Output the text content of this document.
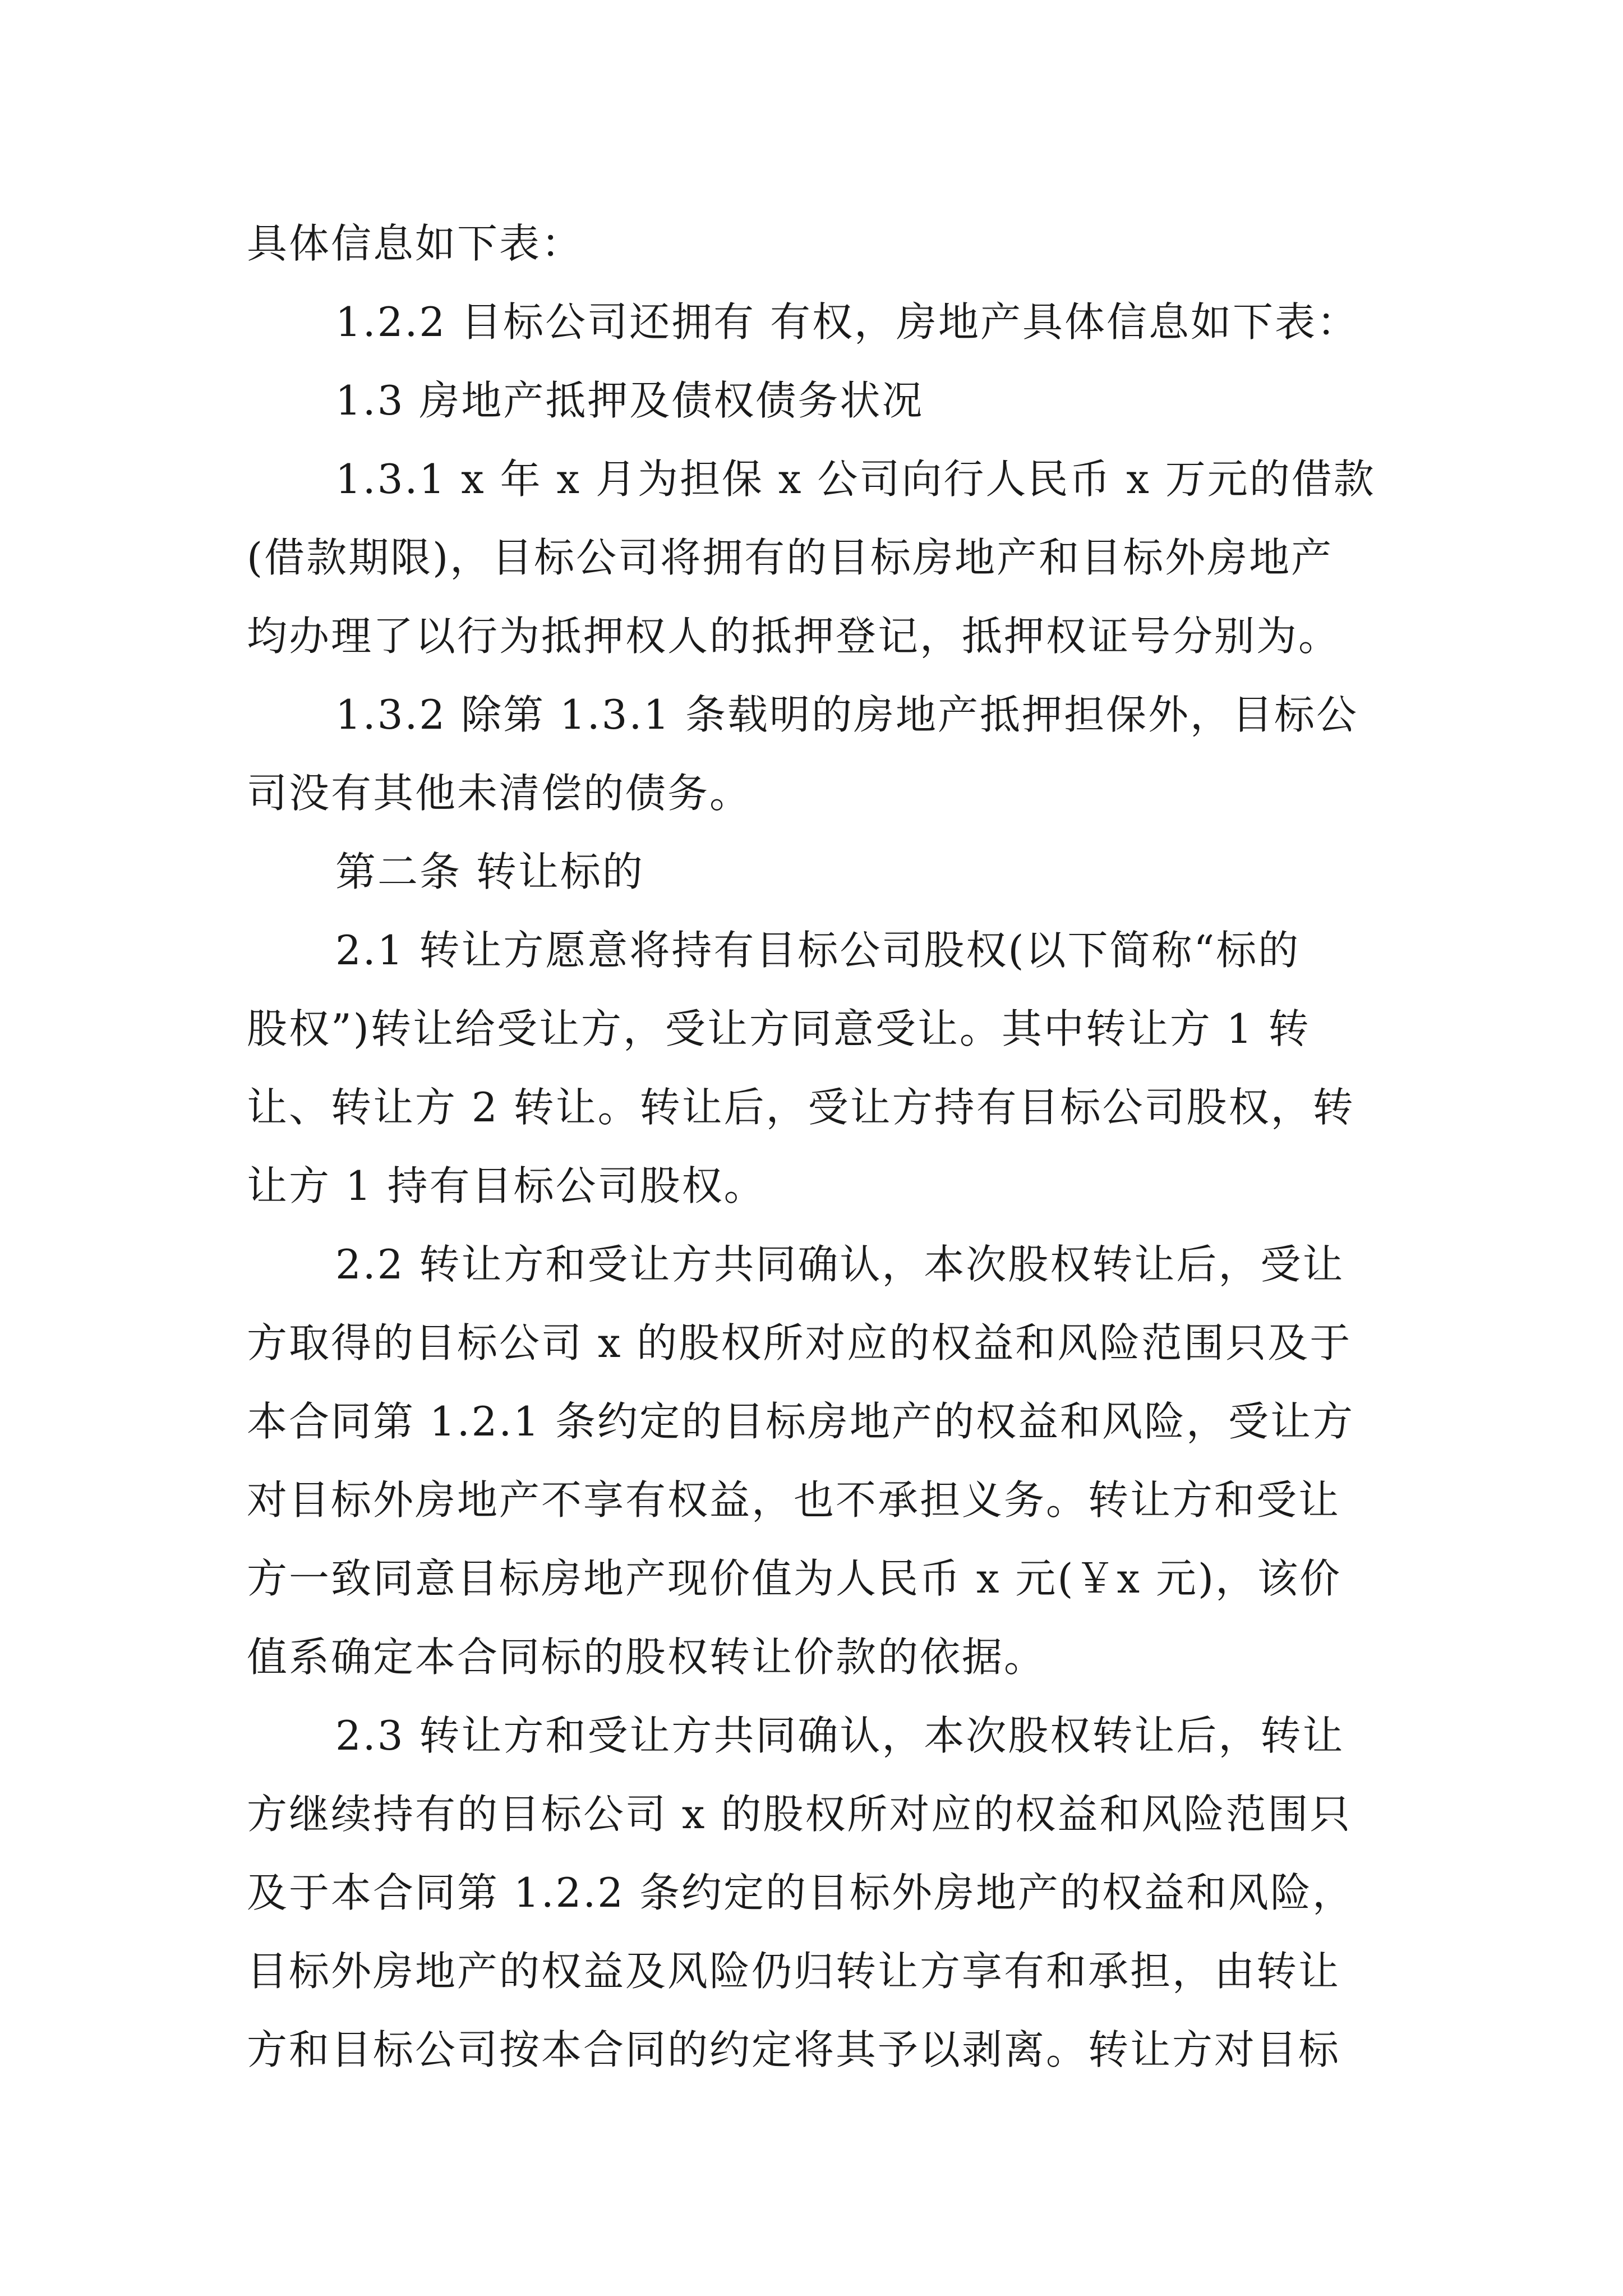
具体信息如下表：
1.2.2 目标公司还拥有 有权，房地产具体信息如下表：
1.3 房地产抵押及债权债务状况
1.3.1 x 年 x 月为担保 x 公司向行人民币 x 万元的借款
(借款期限)，目标公司将拥有的目标房地产和目标外房地产
均办理了以行为抵押权人的抵押登记，抵押权证号分别为。
1.3.2 除第 1.3.1 条载明的房地产抵押担保外，目标公
司没有其他未清偿的债务。
第二条 转让标的
2.1 转让方愿意将持有目标公司股权(以下简称“标的
股权”)转让给受让方，受让方同意受让。其中转让方 1 转
让、转让方 2 转让。转让后，受让方持有目标公司股权，转
让方 1 持有目标公司股权。
2.2 转让方和受让方共同确认，本次股权转让后，受让
方取得的目标公司 x 的股权所对应的权益和风险范围只及于
本合同第 1.2.1 条约定的目标房地产的权益和风险，受让方
对目标外房地产不享有权益，也不承担义务。转让方和受让
方一致同意目标房地产现价值为人民币 x 元(￥x 元)，该价
值系确定本合同标的股权转让价款的依据。
2.3 转让方和受让方共同确认，本次股权转让后，转让
方继续持有的目标公司 x 的股权所对应的权益和风险范围只
及于本合同第 1.2.2 条约定的目标外房地产的权益和风险，
目标外房地产的权益及风险仍归转让方享有和承担，由转让
方和目标公司按本合同的约定将其予以剥离。转让方对目标
